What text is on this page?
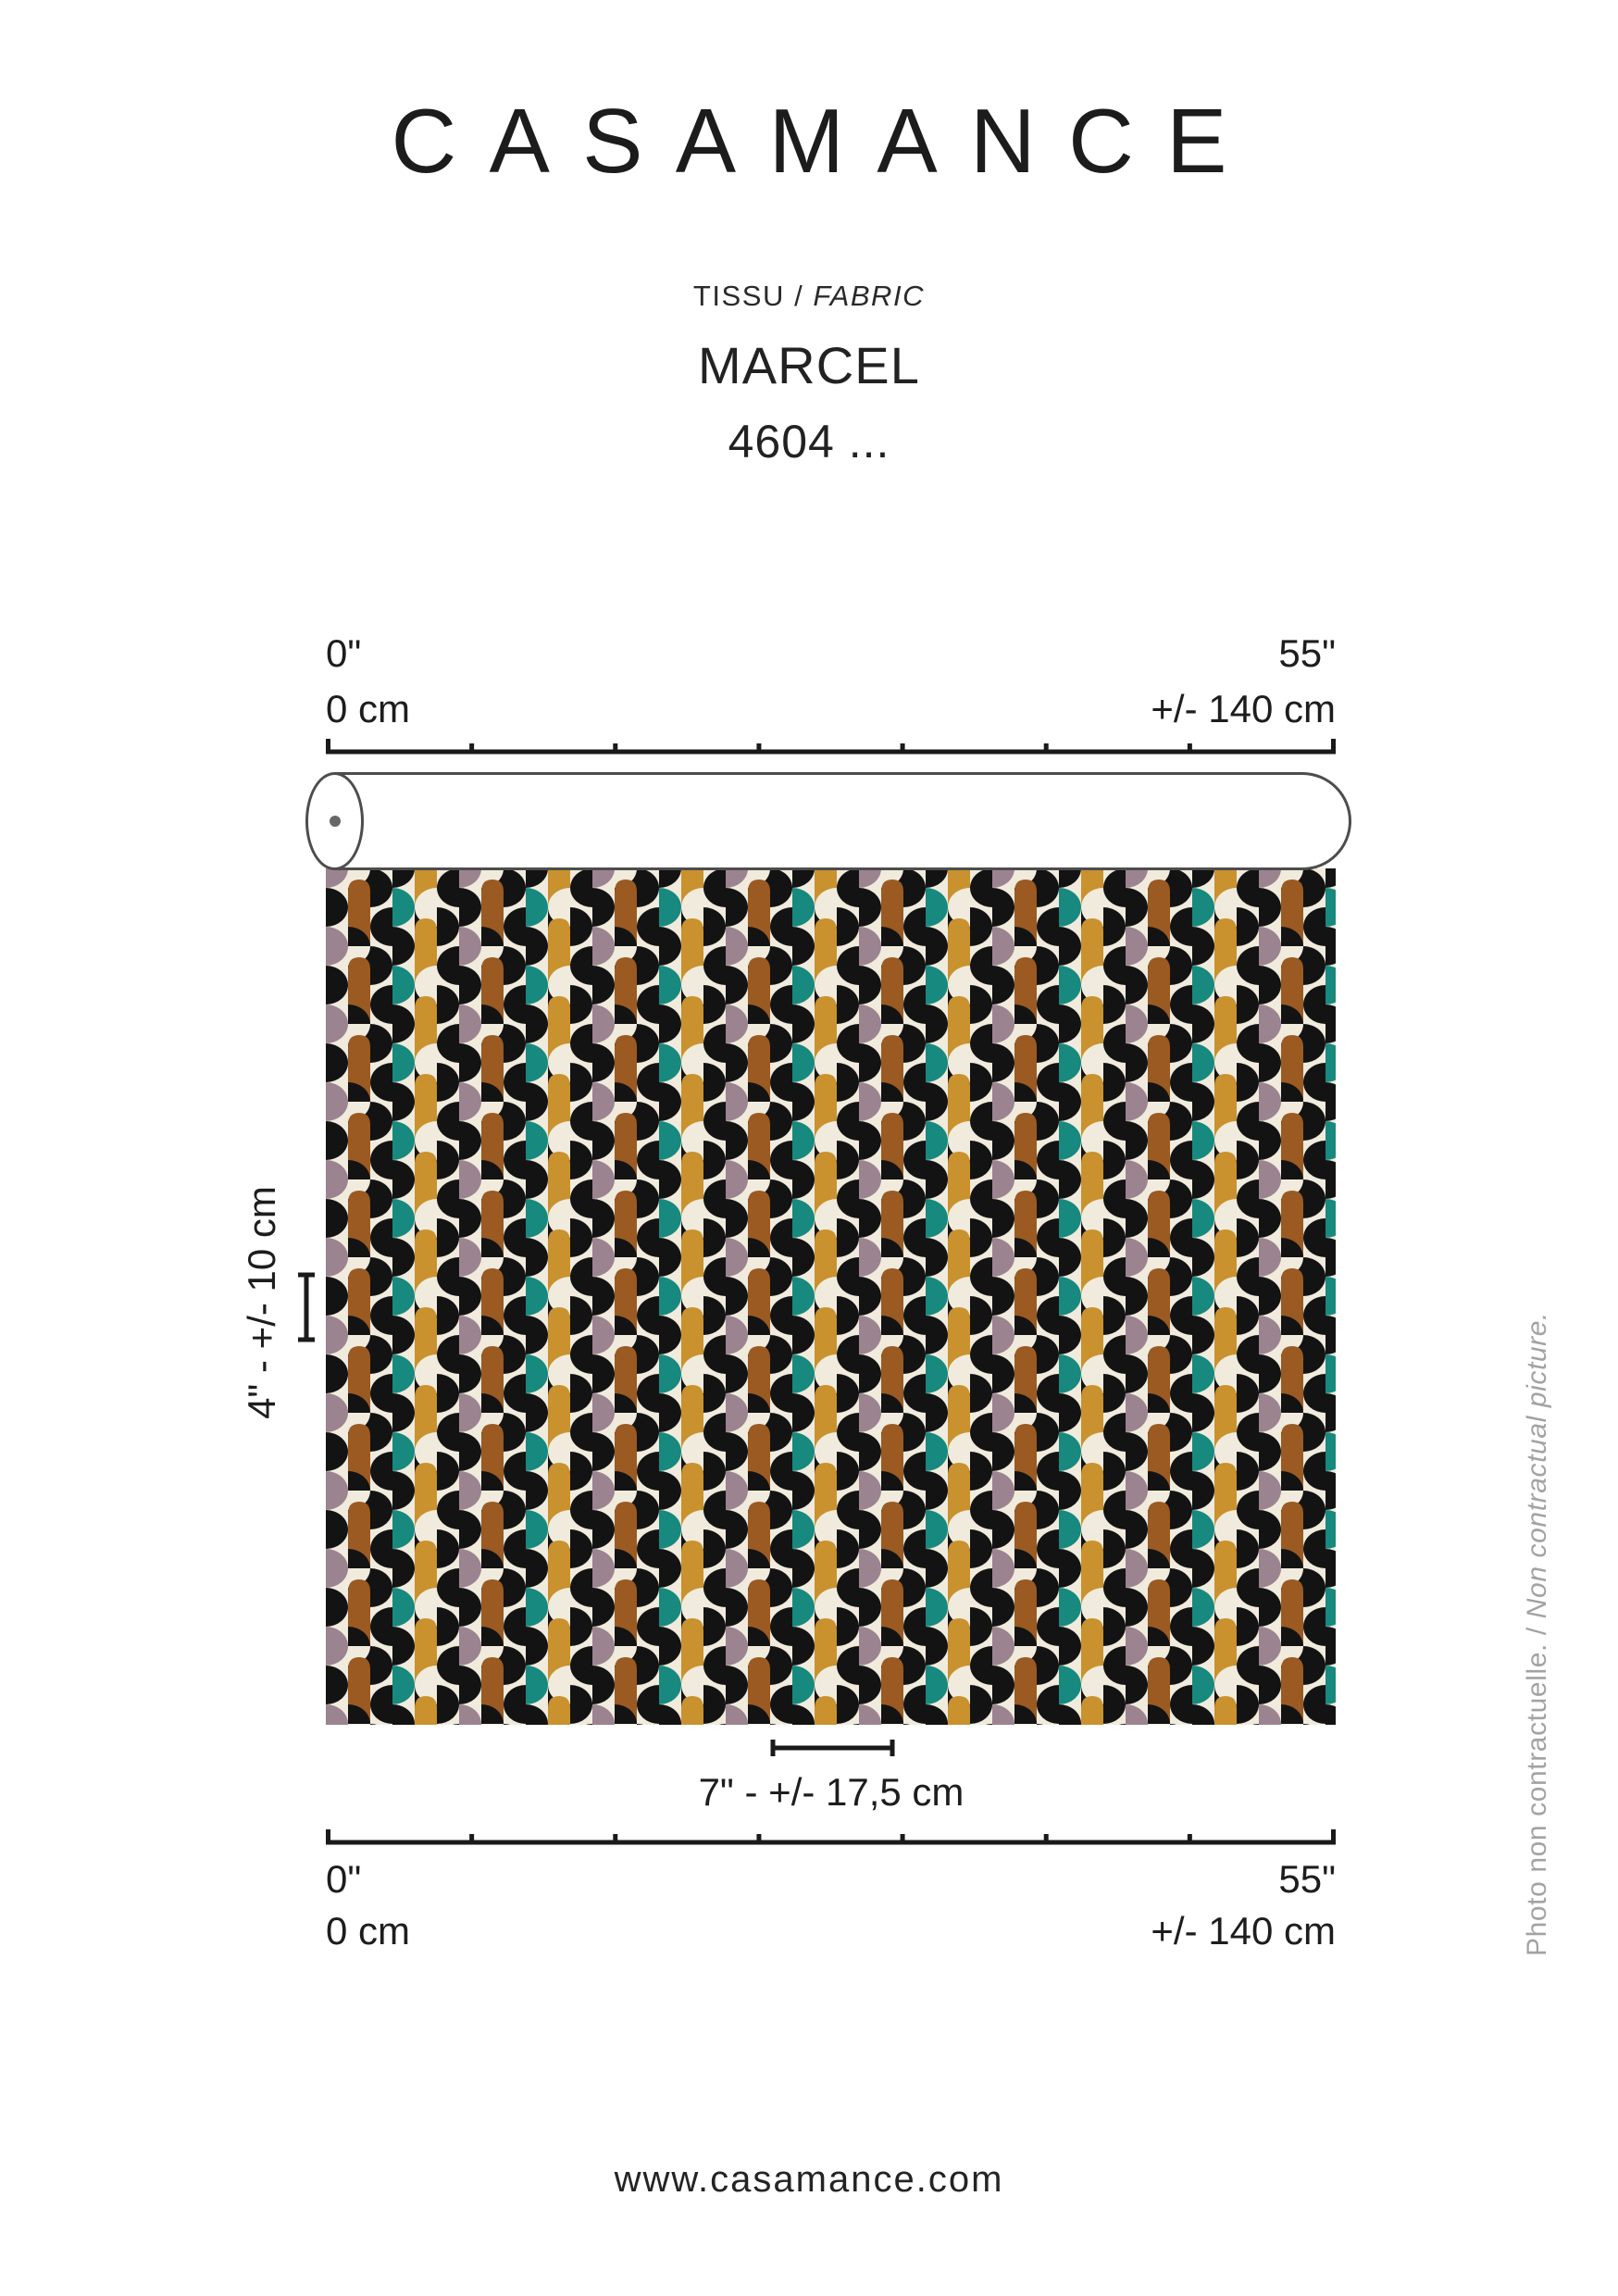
CASAMANCE
TISSU / FABRIC
MARCEL
4604 ...
0"
0 cm
55"
+/- 140 cm
4" - +/- 10 cm
7" - +/- 17,5 cm
0"
0 cm
55"
+/- 140 cm	Photo non contractuelle. / Non contractual picture.
www.casamance.com
